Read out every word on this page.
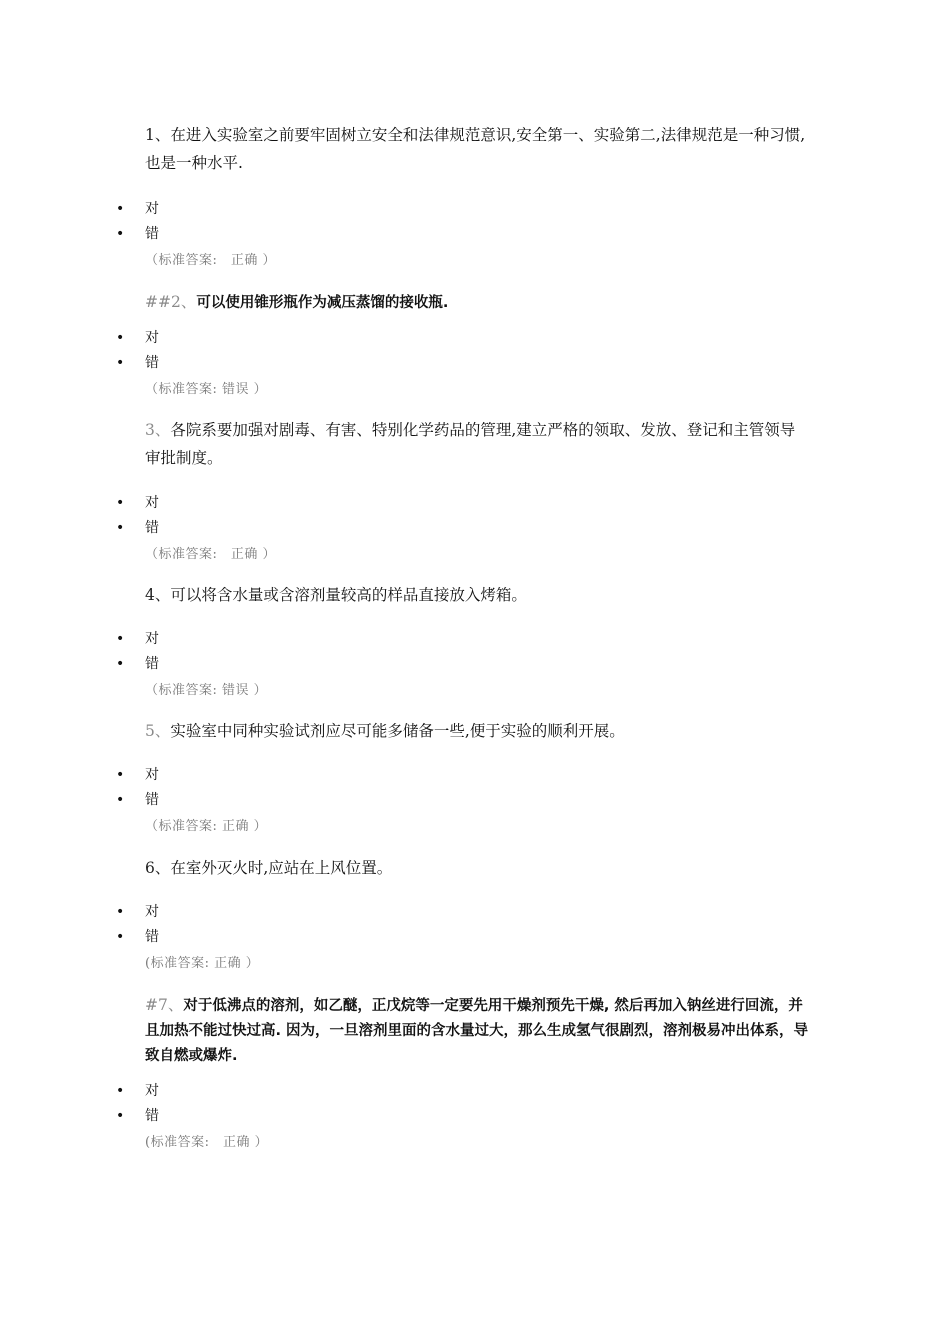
1、在进入实验室之前要牢固树立安全和法律规范意识,安全第一、实验第二,法律规范是一种习惯,也是一种水平.
• 对
• 错
（标准答案:　正确 ）
##2、可以使用锥形瓶作为减压蒸馏的接收瓶.
• 对
• 错
（标准答案: 错误 ）
3、各院系要加强对剧毒、有害、特别化学药品的管理,建立严格的领取、发放、登记和主管领导审批制度。
• 对
• 错
（标准答案:　正确 ）
4、可以将含水量或含溶剂量较高的样品直接放入烤箱。
• 对
• 错
（标准答案: 错误 ）
5、实验室中同种实验试剂应尽可能多储备一些,便于实验的顺利开展。
• 对
• 错
（标准答案: 正确 ）
6、在室外灭火时,应站在上风位置。
• 对
• 错
(标准答案: 正确 ）
#7、对于低沸点的溶剂，如乙醚，正戊烷等一定要先用干燥剂预先干燥, 然后再加入钠丝进行回流，并且加热不能过快过高. 因为，一旦溶剂里面的含水量过大，那么生成氢气很剧烈，溶剂极易冲出体系，导致自燃或爆炸.
• 对
• 错
(标准答案:　正确 ）
